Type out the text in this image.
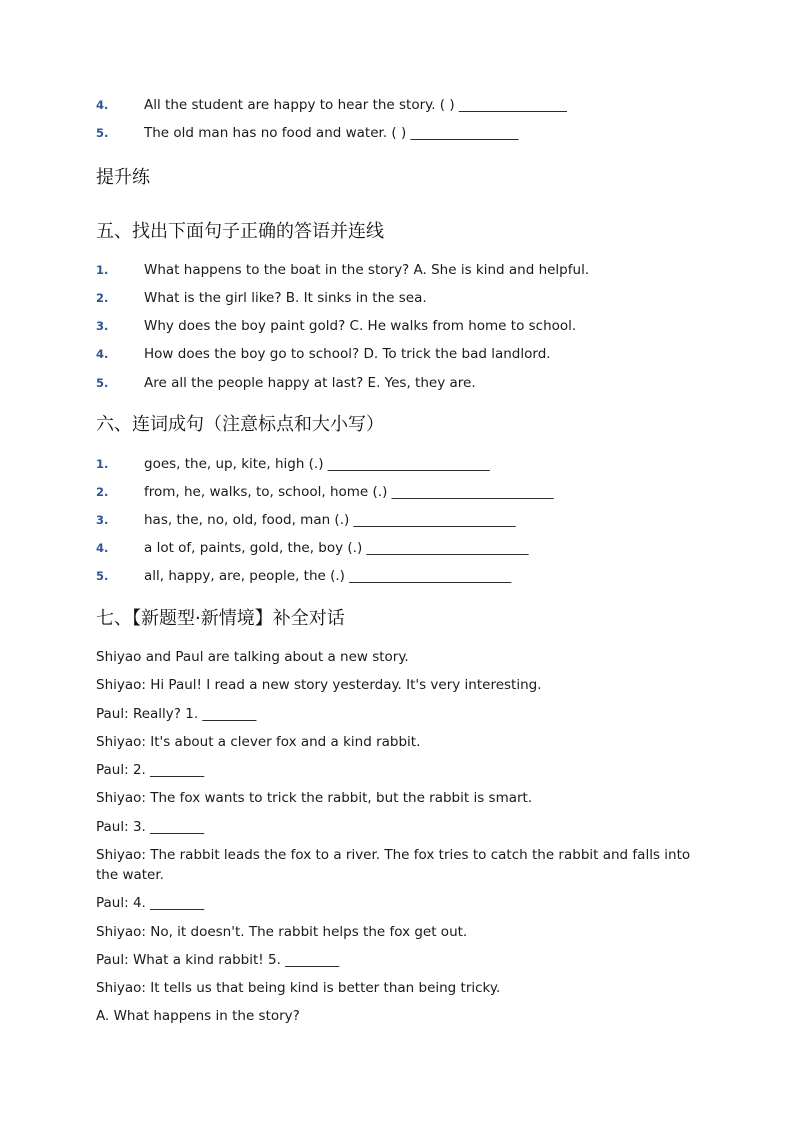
4.	All the student are happy to hear the story. ( ) ________________
5.	The old man has no food and water. ( ) ________________
提升练
五、找出下面句子正确的答语并连线
1.	What happens to the boat in the story? A. She is kind and helpful.
2.	What is the girl like? B. It sinks in the sea.
3.	Why does the boy paint gold? C. He walks from home to school.
4.	How does the boy go to school? D. To trick the bad landlord.
5.	Are all the people happy at last? E. Yes, they are.
六、连词成句（注意标点和大小写）
1.	goes, the, up, kite, high (.) ________________________
2.	from, he, walks, to, school, home (.) ________________________
3.	has, the, no, old, food, man (.) ________________________
4.	a lot of, paints, gold, the, boy (.) ________________________
5.	all, happy, are, people, the (.) ________________________
七、【新题型·新情境】补全对话
Shiyao and Paul are talking about a new story.
Shiyao: Hi Paul! I read a new story yesterday. It's very interesting.
Paul: Really? 1. ________
Shiyao: It's about a clever fox and a kind rabbit.
Paul: 2. ________
Shiyao: The fox wants to trick the rabbit, but the rabbit is smart.
Paul: 3. ________
Shiyao: The rabbit leads the fox to a river. The fox tries to catch the rabbit and falls into the water.
Paul: 4. ________
Shiyao: No, it doesn't. The rabbit helps the fox get out.
Paul: What a kind rabbit! 5. ________
Shiyao: It tells us that being kind is better than being tricky.
A. What happens in the story?
